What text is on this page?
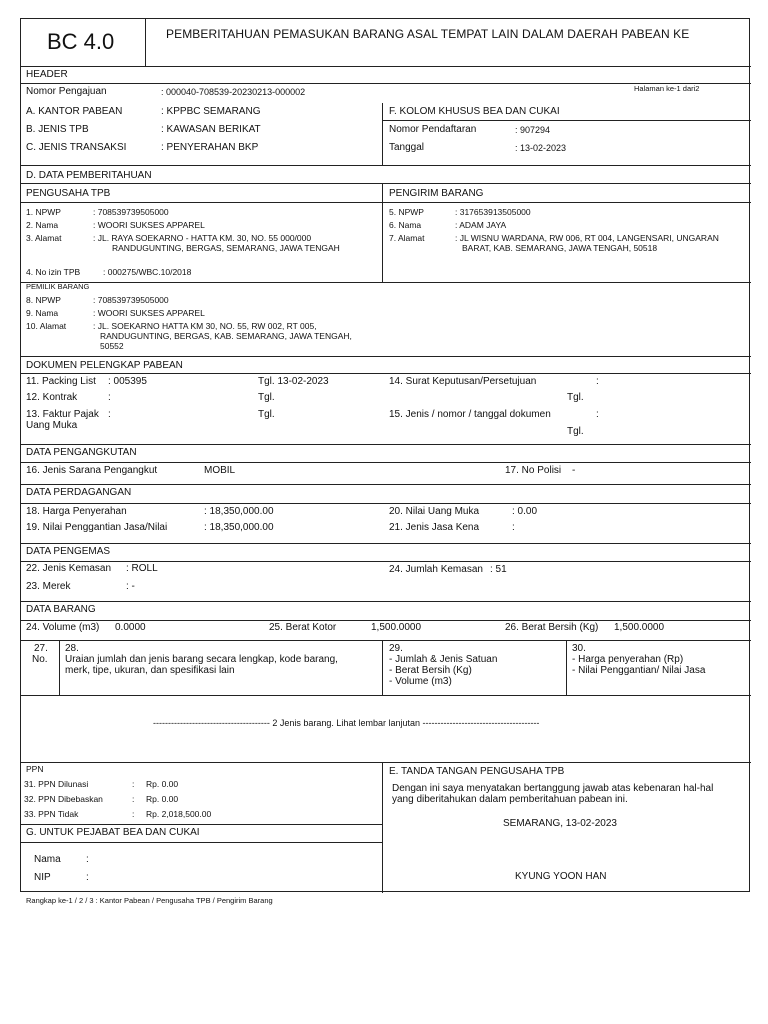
BC 4.0	PEMBERITAHUAN PEMASUKAN BARANG ASAL TEMPAT LAIN DALAM DAERAH PABEAN KE
HEADER
Nomor Pengajuan	: 000040-708539-20230213-000002	Halaman ke-1 dari2
A. KANTOR PABEAN	: KPPBC SEMARANG
B. JENIS TPB	: KAWASAN BERIKAT
C. JENIS TRANSAKSI	: PENYERAHAN BKP
F. KOLOM KHUSUS BEA DAN CUKAI
Nomor Pendaftaran	: 907294
Tanggal	: 13-02-2023
D. DATA PEMBERITAHUAN
PENGUSAHA TPB	PENGIRIM BARANG
1. NPWP	: 708539739505000
2. Nama	: WOORI SUKSES APPAREL
3. Alamat	: JL. RAYA SOEKARNO - HATTA KM. 30, NO. 55 000/000
RANDUGUNTING, BERGAS, SEMARANG, JAWA TENGAH
4. No izin TPB	: 000275/WBC.10/2018
5. NPWP	: 317653913505000
6. Nama	: ADAM JAYA
7. Alamat	: JL WISNU WARDANA, RW 006, RT 004, LANGENSARI, UNGARAN
BARAT, KAB. SEMARANG, JAWA TENGAH, 50518
PEMILIK BARANG
8. NPWP	: 708539739505000
9. Nama	: WOORI SUKSES APPAREL
10. Alamat	: JL. SOEKARNO HATTA KM 30, NO. 55, RW 002, RT 005,
RANDUGUNTING, BERGAS, KAB. SEMARANG, JAWA TENGAH,
50552
DOKUMEN PELENGKAP PABEAN
11. Packing List : 005395	Tgl. 13-02-2023
12. Kontrak	:	Tgl.
13. Faktur Pajak
Uang Muka
:	Tgl.
14. Surat Keputusan/Persetujuan	:
Tgl.
15. Jenis / nomor / tanggal dokumen	:
Tgl.
DATA PENGANGKUTAN
16. Jenis Sarana Pengangkut	MOBIL	17. No Polisi -
DATA PERDAGANGAN
18. Harga Penyerahan	: 18,350,000.00
19. Nilai Penggantian Jasa/Nilai	: 18,350,000.00
20. Nilai Uang Muka	: 0.00
21. Jenis Jasa Kena	:
DATA PENGEMAS
22. Jenis Kemasan : ROLL
23. Merek	: -
24. Jumlah Kemasan : 51
DATA BARANG
24. Volume (m3) 0.0000	25. Berat Kotor	1,500.0000	26. Berat Bersih (Kg) 1,500.0000
27.
No.
28.
Uraian jumlah dan jenis barang secara lengkap, kode barang,
merk, tipe, ukuran, dan spesifikasi lain
29.
- Jumlah & Jenis Satuan
- Berat Bersih (Kg)
- Volume (m3)
30.
- Harga penyerahan (Rp)
- Nilai Penggantian/ Nilai Jasa
--------------------------------------- 2 Jenis barang. Lihat lembar lanjutan ---------------------------------------
PPN
31. PPN Dilunasi	: Rp. 0.00
32. PPN Dibebaskan	: Rp. 0.00
33. PPN Tidak	: Rp. 2,018,500.00
G. UNTUK PEJABAT BEA DAN CUKAI
Nama	:
NIP	:
E. TANDA TANGAN PENGUSAHA TPB
Dengan ini saya menyatakan bertanggung jawab atas kebenaran hal-hal
yang diberitahukan dalam pemberitahuan pabean ini.
SEMARANG, 13-02-2023
KYUNG YOON HAN
Rangkap ke-1 / 2 / 3 : Kantor Pabean / Pengusaha TPB / Pengirim Barang
